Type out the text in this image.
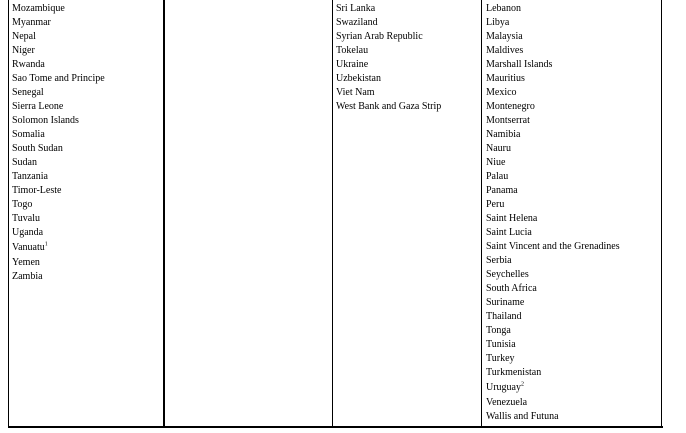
Mozambique
Myanmar
Nepal
Niger
Rwanda
Sao Tome and Principe
Senegal
Sierra Leone
Solomon Islands
Somalia
South Sudan
Sudan
Tanzania
Timor-Leste
Togo
Tuvalu
Uganda
Vanuatu$^1$
Yemen
Zambia
Sri Lanka
Swaziland
Syrian Arab Republic
Tokelau
Ukraine
Uzbekistan
Viet Nam
West Bank and Gaza Strip
Lebanon
Libya
Malaysia
Maldives
Marshall Islands
Mauritius
Mexico
Montenegro
Montserrat
Namibia
Nauru
Niue
Palau
Panama
Peru
Saint Helena
Saint Lucia
Saint Vincent and the Grenadines
Serbia
Seychelles
South Africa
Suriname
Thailand
Tonga
Tunisia
Turkey
Turkmenistan
Uruguay$^2$
Venezuela
Wallis and Futuna
